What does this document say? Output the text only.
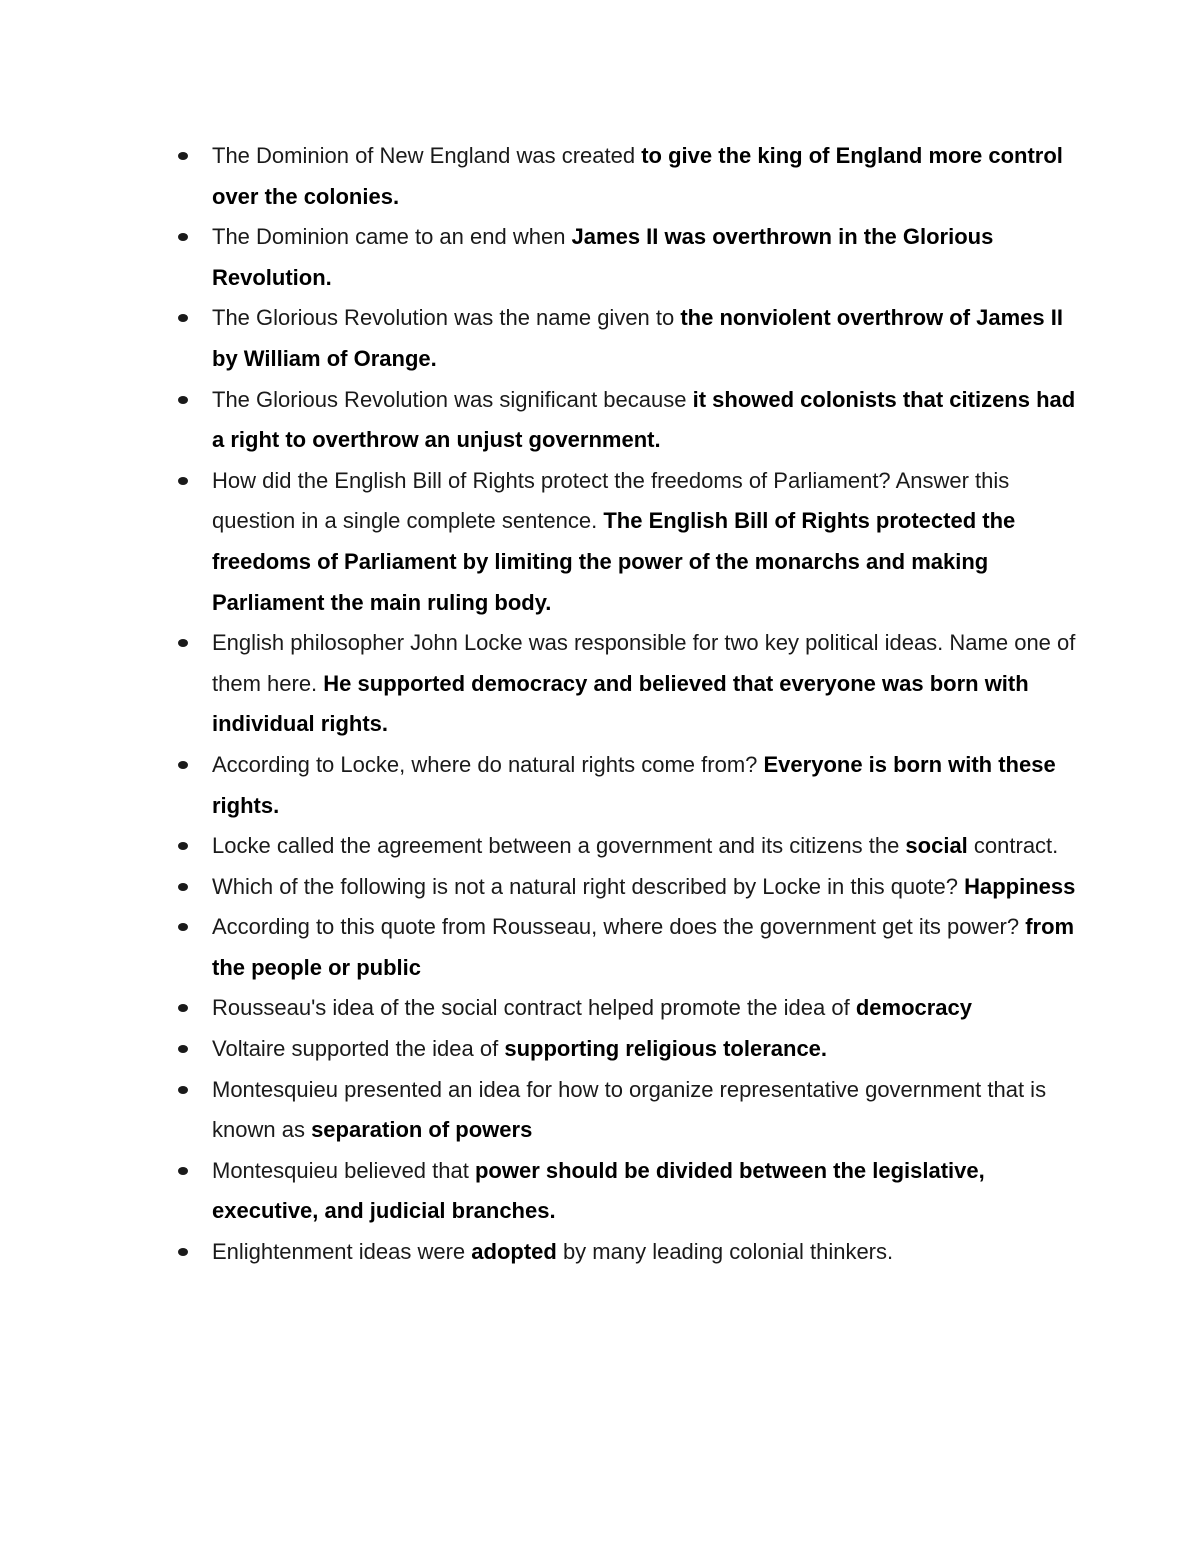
The Dominion of New England was created to give the king of England more control over the colonies.
The Dominion came to an end when James II was overthrown in the Glorious Revolution.
The Glorious Revolution was the name given to the nonviolent overthrow of James II by William of Orange.
The Glorious Revolution was significant because it showed colonists that citizens had a right to overthrow an unjust government.
How did the English Bill of Rights protect the freedoms of Parliament? Answer this question in a single complete sentence. The English Bill of Rights protected the freedoms of Parliament by limiting the power of the monarchs and making Parliament the main ruling body.
English philosopher John Locke was responsible for two key political ideas. Name one of them here. He supported democracy and believed that everyone was born with individual rights.
According to Locke, where do natural rights come from? Everyone is born with these rights.
Locke called the agreement between a government and its citizens the social contract.
Which of the following is not a natural right described by Locke in this quote? Happiness
According to this quote from Rousseau, where does the government get its power? from the people or public
Rousseau's idea of the social contract helped promote the idea of democracy
Voltaire supported the idea of supporting religious tolerance.
Montesquieu presented an idea for how to organize representative government that is known as separation of powers
Montesquieu believed that power should be divided between the legislative, executive, and judicial branches.
Enlightenment ideas were adopted by many leading colonial thinkers.
